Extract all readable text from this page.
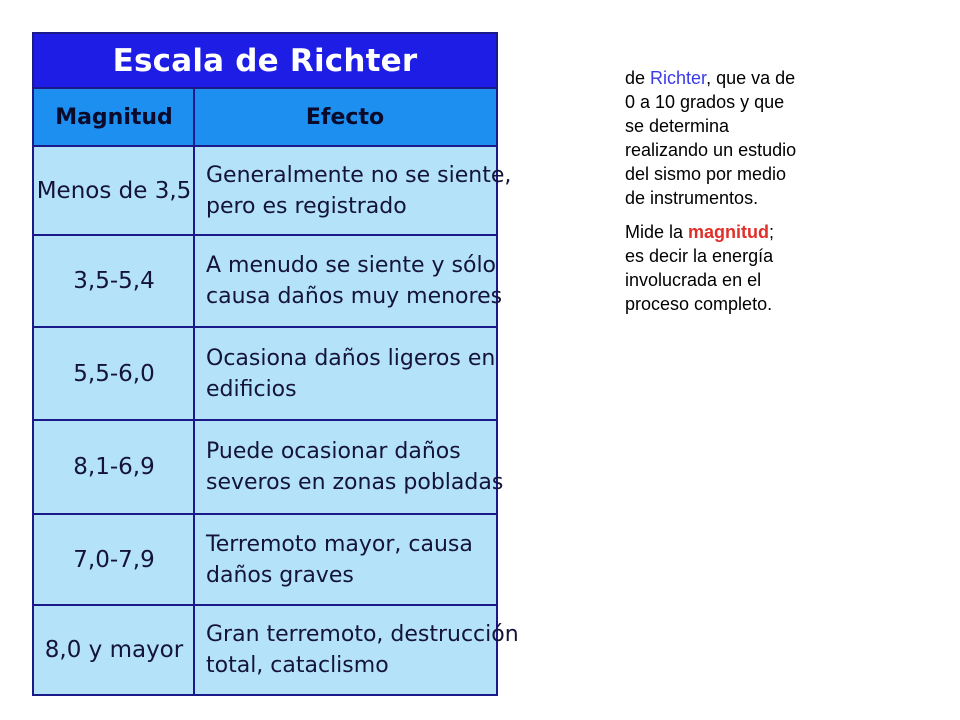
Escala de Richter
Magnitud	Efecto
Menos de 3,5
Generalmente no se siente,
pero es registrado
3,5-5,4
A menudo se siente y sólo
causa daños muy menores
5,5-6,0
Ocasiona daños ligeros en
edificios
8,1-6,9
Puede ocasionar daños
severos en zonas pobladas
7,0-7,9
Terremoto mayor, causa
daños graves
8,0 y mayor
Gran terremoto, destrucción
total, cataclismo

de Richter, que va de
0 a 10 grados y que
se determina
realizando un estudio
del sismo por medio
de instrumentos.

Mide la magnitud;
es decir la energía
involucrada en el
proceso completo.
